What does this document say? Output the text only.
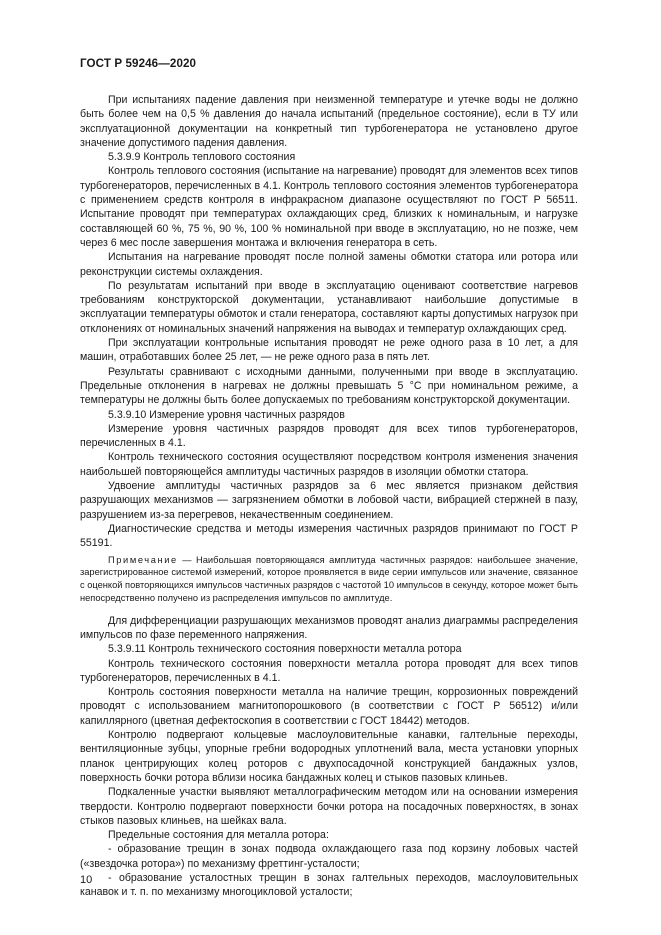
ГОСТ Р 59246—2020

При испытаниях падение давления при неизменной температуре и утечке воды не должно быть более чем на 0,5 % давления до начала испытаний (предельное состояние), если в ТУ или эксплуатационной документации на конкретный тип турбогенератора не установлено другое значение допустимого падения давления.

5.3.9.9 Контроль теплового состояния

Контроль теплового состояния (испытание на нагревание) проводят для элементов всех типов турбогенераторов, перечисленных в 4.1. Контроль теплового состояния элементов турбогенератора с применением средств контроля в инфракрасном диапазоне осуществляют по ГОСТ Р 56511. Испытание проводят при температурах охлаждающих сред, близких к номинальным, и нагрузке составляющей 60 %, 75 %, 90 %, 100 % номинальной при вводе в эксплуатацию, но не позже, чем через 6 мес после завершения монтажа и включения генератора в сеть.

Испытания на нагревание проводят после полной замены обмотки статора или ротора или реконструкции системы охлаждения.

По результатам испытаний при вводе в эксплуатацию оценивают соответствие нагревов требованиям конструкторской документации, устанавливают наибольшие допустимые в эксплуатации температуры обмоток и стали генератора, составляют карты допустимых нагрузок при отклонениях от номинальных значений напряжения на выводах и температур охлаждающих сред.

При эксплуатации контрольные испытания проводят не реже одного раза в 10 лет, а для машин, отработавших более 25 лет, — не реже одного раза в пять лет.

Результаты сравнивают с исходными данными, полученными при вводе в эксплуатацию. Предельные отклонения в нагревах не должны превышать 5 °С при номинальном режиме, а температуры не должны быть более допускаемых по требованиям конструкторской документации.

5.3.9.10 Измерение уровня частичных разрядов

Измерение уровня частичных разрядов проводят для всех типов турбогенераторов, перечисленных в 4.1.

Контроль технического состояния осуществляют посредством контроля изменения значения наибольшей повторяющейся амплитуды частичных разрядов в изоляции обмотки статора.

Удвоение амплитуды частичных разрядов за 6 мес является признаком действия разрушающих механизмов — загрязнением обмотки в лобовой части, вибрацией стержней в пазу, разрушением из-за перегревов, некачественным соединением.

Диагностические средства и методы измерения частичных разрядов принимают по ГОСТ Р 55191.

Примечание — Наибольшая повторяющаяся амплитуда частичных разрядов: наибольшее значение, зарегистрированное системой измерений, которое проявляется в виде серии импульсов или значение, связанное с оценкой повторяющихся импульсов частичных разрядов с частотой 10 импульсов в секунду, которое может быть непосредственно получено из распределения импульсов по амплитуде.

Для дифференциации разрушающих механизмов проводят анализ диаграммы распределения импульсов по фазе переменного напряжения.

5.3.9.11 Контроль технического состояния поверхности металла ротора

Контроль технического состояния поверхности металла ротора проводят для всех типов турбогенераторов, перечисленных в 4.1.

Контроль состояния поверхности металла на наличие трещин, коррозионных повреждений проводят с использованием магнитопорошкового (в соответствии с ГОСТ Р 56512) и/или капиллярного (цветная дефектоскопия в соответствии с ГОСТ 18442) методов.

Контролю подвергают кольцевые маслоуловительные канавки, галтельные переходы, вентиляционные зубцы, упорные гребни водородных уплотнений вала, места установки упорных планок центрирующих колец роторов с двухпосадочной конструкцией бандажных узлов, поверхность бочки ротора вблизи носика бандажных колец и стыков пазовых клиньев.

Подкаленные участки выявляют металлографическим методом или на основании измерения твердости. Контролю подвергают поверхности бочки ротора на посадочных поверхностях, в зонах стыков пазовых клиньев, на шейках вала.

Предельные состояния для металла ротора:

- образование трещин в зонах подвода охлаждающего газа под корзину лобовых частей («звездочка ротора») по механизму фреттинг-усталости;

- образование усталостных трещин в зонах галтельных переходов, маслоуловительных канавок и т. п. по механизму многоцикловой усталости;

10
